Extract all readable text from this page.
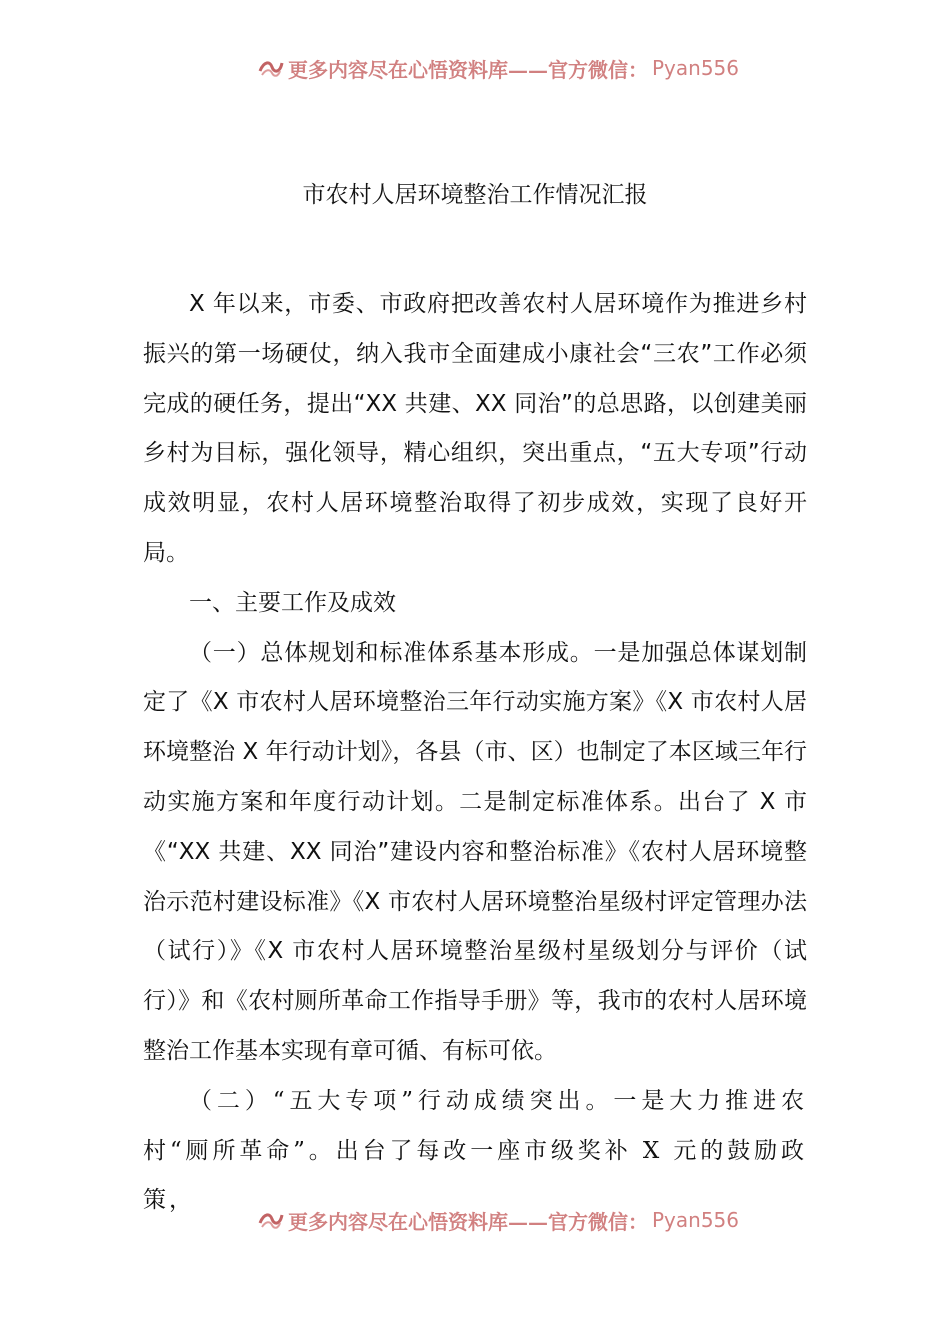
更多内容尽在心悟资料库——官方微信： Pyan556
市农村人居环境整治工作情况汇报

X 年以来，市委、市政府把改善农村人居环境作为推进乡村振兴的第一场硬仗，纳入我市全面建成小康社会“三农”工作必须完成的硬任务，提出“XX 共建、XX 同治”的总思路，以创建美丽乡村为目标，强化领导，精心组织，突出重点，“五大专项”行动成效明显，农村人居环境整治取得了初步成效，实现了良好开局。

一、主要工作及成效

（一）总体规划和标准体系基本形成。一是加强总体谋划制定了《X 市农村人居环境整治三年行动实施方案》《X 市农村人居环境整治 X 年行动计划》，各县（市、区）也制定了本区域三年行动实施方案和年度行动计划。二是制定标准体系。出台了 X 市《“XX 共建、XX 同治”建设内容和整治标准》《农村人居环境整治示范村建设标准》《X 市农村人居环境整治星级村评定管理办法（试行）》《X 市农村人居环境整治星级村星级划分与评价（试行）》和《农村厕所革命工作指导手册》等，我市的农村人居环境整治工作基本实现有章可循、有标可依。

（二）“五大专项”行动成绩突出。一是大力推进农村“厕所革命”。出台了每改一座市级奖补 X 元的鼓励政策，

更多内容尽在心悟资料库——官方微信： Pyan556
